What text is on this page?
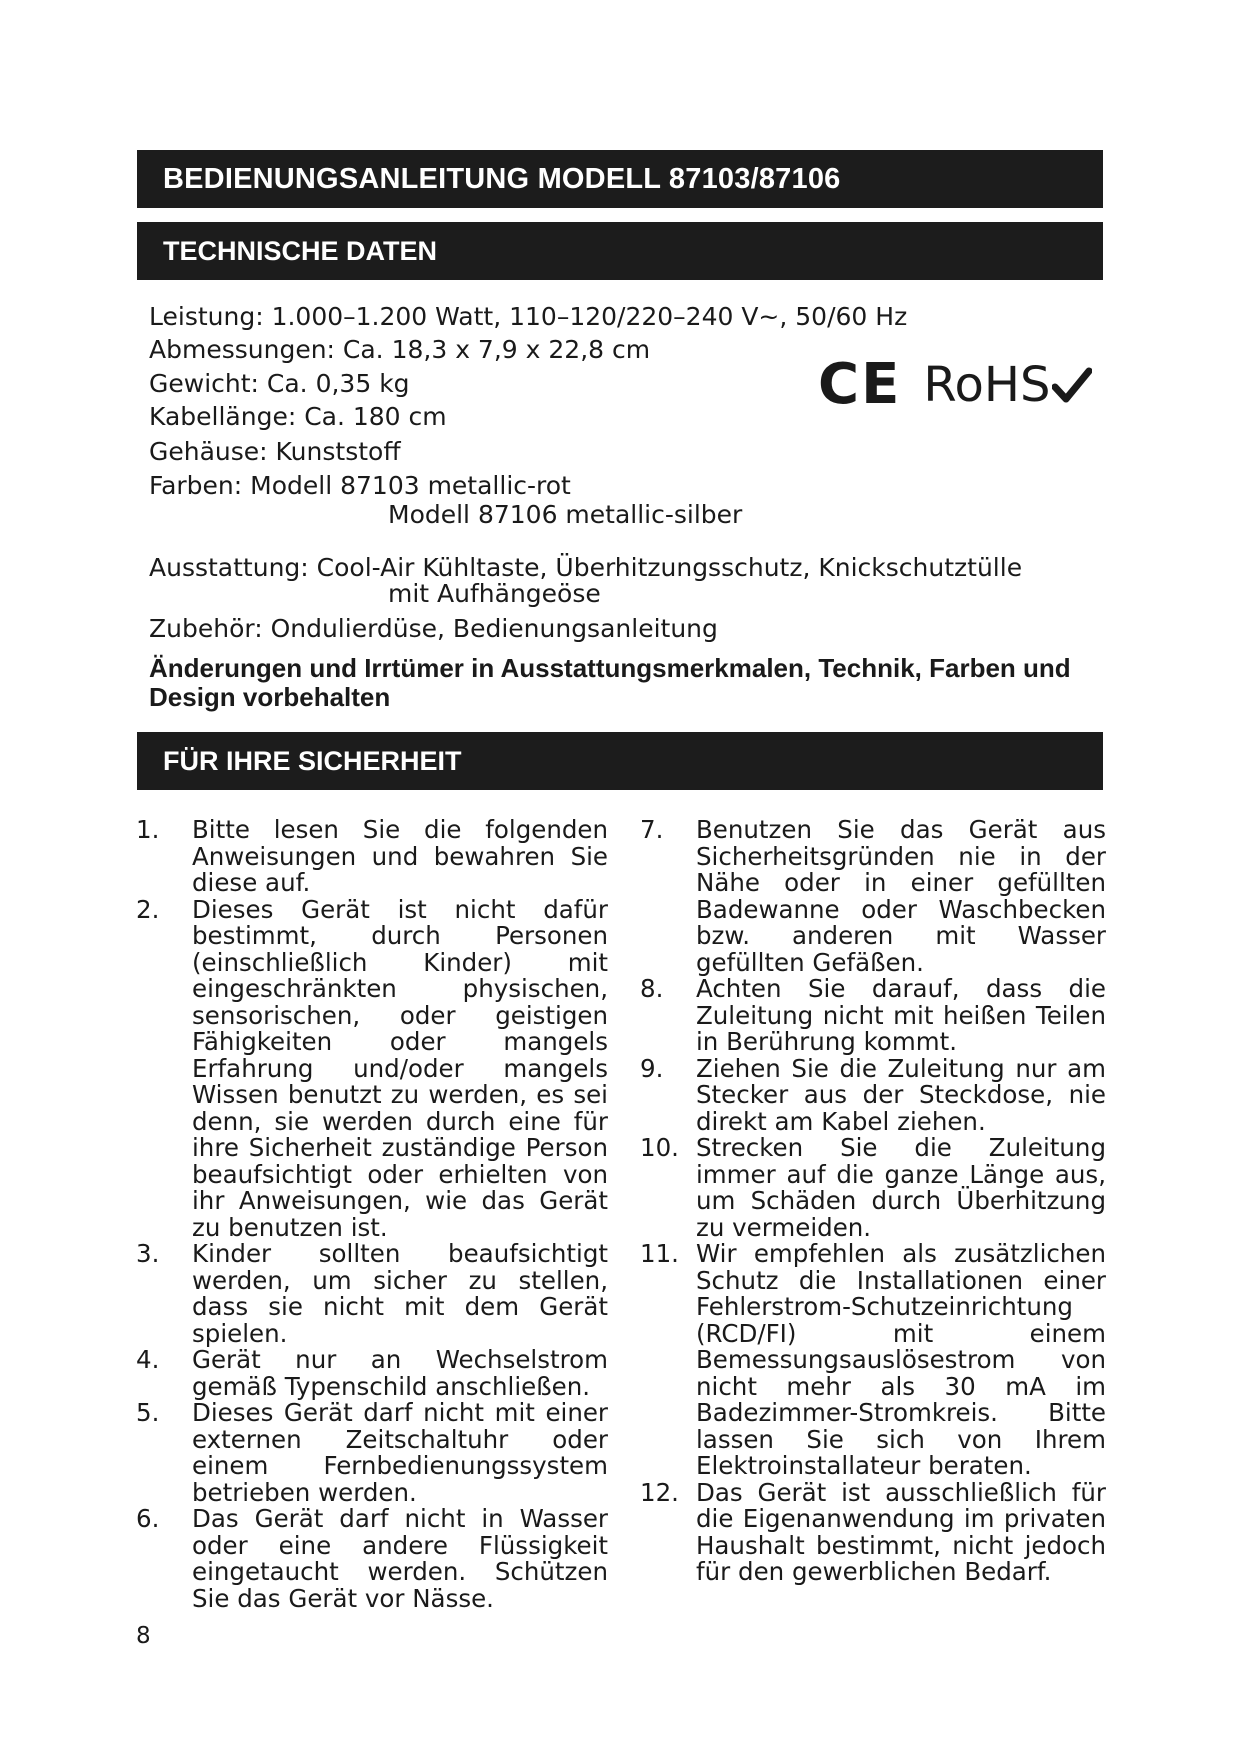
BEDIENUNGSANLEITUNG MODELL 87103/87106
TECHNISCHE DATEN
Leistung: 1.000–1.200 Watt, 110–120/220–240 V~, 50/60 Hz
Abmessungen: Ca. 18,3 x 7,9 x 22,8 cm
Gewicht: Ca. 0,35 kg
Kabellänge: Ca. 180 cm
Gehäuse: Kunststoff
Farben: Modell 87103 metallic-rot
Modell 87106 metallic-silber
Ausstattung: Cool-Air Kühltaste, Überhitzungsschutz, Knickschutztülle
mit Aufhängeöse
Zubehör: Ondulierdüse, Bedienungsanleitung
Änderungen und Irrtümer in Ausstattungsmerkmalen, Technik, Farben und Design vorbehalten
CE RoHS
FÜR IHRE SICHERHEIT
1.	Bitte lesen Sie die folgenden Anweisungen und bewahren Sie diese auf.
2.	Dieses Gerät ist nicht dafür bestimmt, durch Personen (einschließlich Kinder) mit eingeschränkten physischen, sensorischen, oder geistigen Fähigkeiten oder mangels Erfahrung und/oder mangels Wissen benutzt zu werden, es sei denn, sie werden durch eine für ihre Sicherheit zuständige Person beaufsichtigt oder erhielten von ihr Anweisungen, wie das Gerät zu benutzen ist.
3.	Kinder sollten beaufsichtigt werden, um sicher zu stellen, dass sie nicht mit dem Gerät spielen.
4.	Gerät nur an Wechselstrom gemäß Typenschild anschließen.
5.	Dieses Gerät darf nicht mit einer externen Zeitschaltuhr oder einem Fernbedienungssystem betrieben werden.
6.	Das Gerät darf nicht in Wasser oder eine andere Flüssigkeit eingetaucht werden. Schützen Sie das Gerät vor Nässe.
7.	Benutzen Sie das Gerät aus Sicherheitsgründen nie in der Nähe oder in einer gefüllten Badewanne oder Waschbecken bzw. anderen mit Wasser gefüllten Gefäßen.
8.	Achten Sie darauf, dass die Zuleitung nicht mit heißen Teilen in Berührung kommt.
9.	Ziehen Sie die Zuleitung nur am Stecker aus der Steckdose, nie direkt am Kabel ziehen.
10. Strecken Sie die Zuleitung immer auf die ganze Länge aus, um Schäden durch Überhitzung zu vermeiden.
11. Wir empfehlen als zusätzlichen Schutz die Installationen einer Fehlerstrom-Schutzeinrichtung (RCD/FI) mit einem Bemessungsauslösestrom von nicht mehr als 30 mA im Badezimmer-Stromkreis. Bitte lassen Sie sich von Ihrem Elektroinstallateur beraten.
12. Das Gerät ist ausschließlich für die Eigenanwendung im privaten Haushalt bestimmt, nicht jedoch für den gewerblichen Bedarf.
8
